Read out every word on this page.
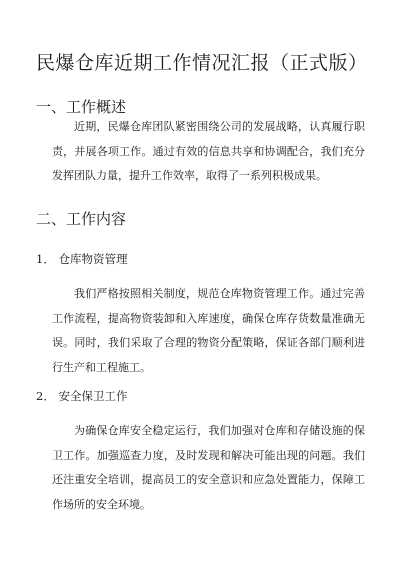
民爆仓库近期工作情况汇报（正式版）
一、工作概述

近期，民爆仓库团队紧密围绕公司的发展战略，认真履行职责，并展各项工作。通过有效的信息共享和协调配合，我们充分发挥团队力量，提升工作效率，取得了一系列积极成果。

二、工作内容
1． 仓库物资管理

我们严格按照相关制度，规范仓库物资管理工作。通过完善工作流程，提高物资装卸和入库速度，确保仓库存货数量准确无误。同时，我们采取了合理的物资分配策略，保证各部门顺利进行生产和工程施工。

2． 安全保卫工作

为确保仓库安全稳定运行，我们加强对仓库和存储设施的保卫工作。加强巡查力度，及时发现和解决可能出现的问题。我们还注重安全培训，提高员工的安全意识和应急处置能力，保障工作场所的安全环境。
